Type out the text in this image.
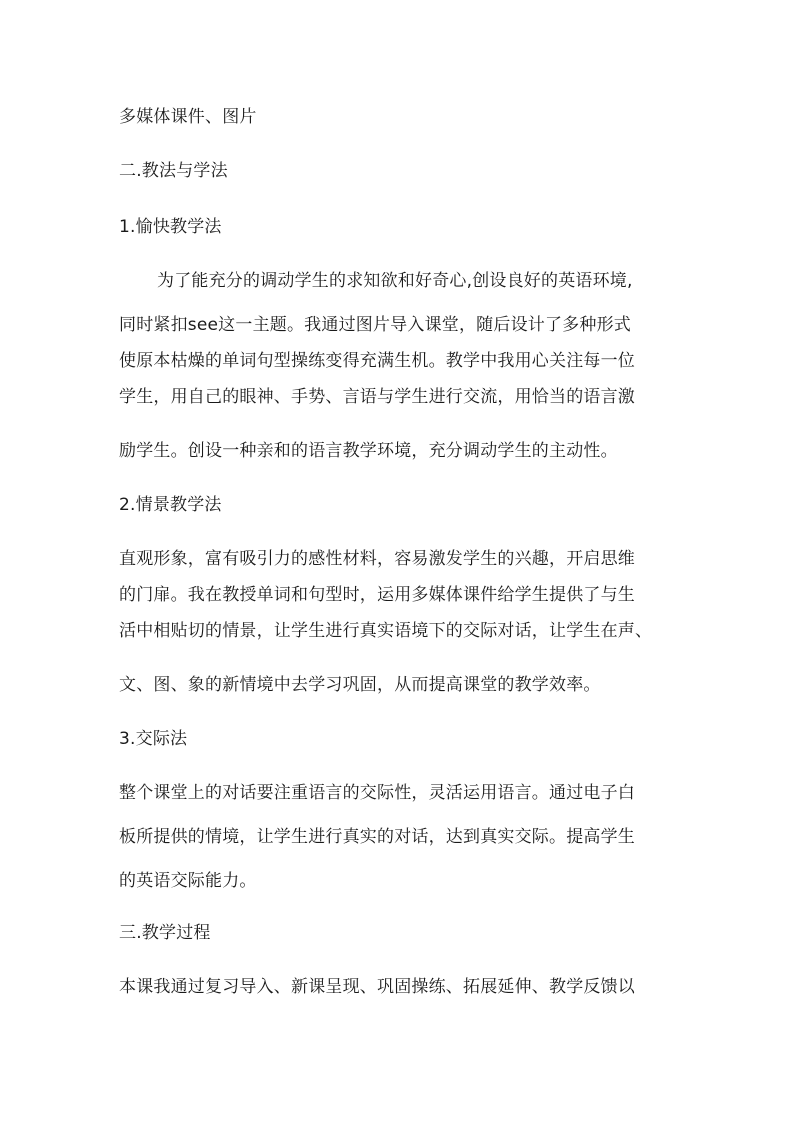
多媒体课件、图片
二.教法与学法
1.愉快教学法
为了能充分的调动学生的求知欲和好奇心,创设良好的英语环境,
同时紧扣see这一主题。我通过图片导入课堂，随后设计了多种形式
使原本枯燥的单词句型操练变得充满生机。教学中我用心关注每一位
学生，用自己的眼神、手势、言语与学生进行交流，用恰当的语言激
励学生。创设一种亲和的语言教学环境，充分调动学生的主动性。
2.情景教学法
直观形象，富有吸引力的感性材料，容易激发学生的兴趣，开启思维
的门扉。我在教授单词和句型时，运用多媒体课件给学生提供了与生
活中相贴切的情景，让学生进行真实语境下的交际对话，让学生在声、
文、图、象的新情境中去学习巩固，从而提高课堂的教学效率。
3.交际法
整个课堂上的对话要注重语言的交际性，灵活运用语言。通过电子白
板所提供的情境，让学生进行真实的对话，达到真实交际。提高学生
的英语交际能力。
三.教学过程
本课我通过复习导入、新课呈现、巩固操练、拓展延伸、教学反馈以
